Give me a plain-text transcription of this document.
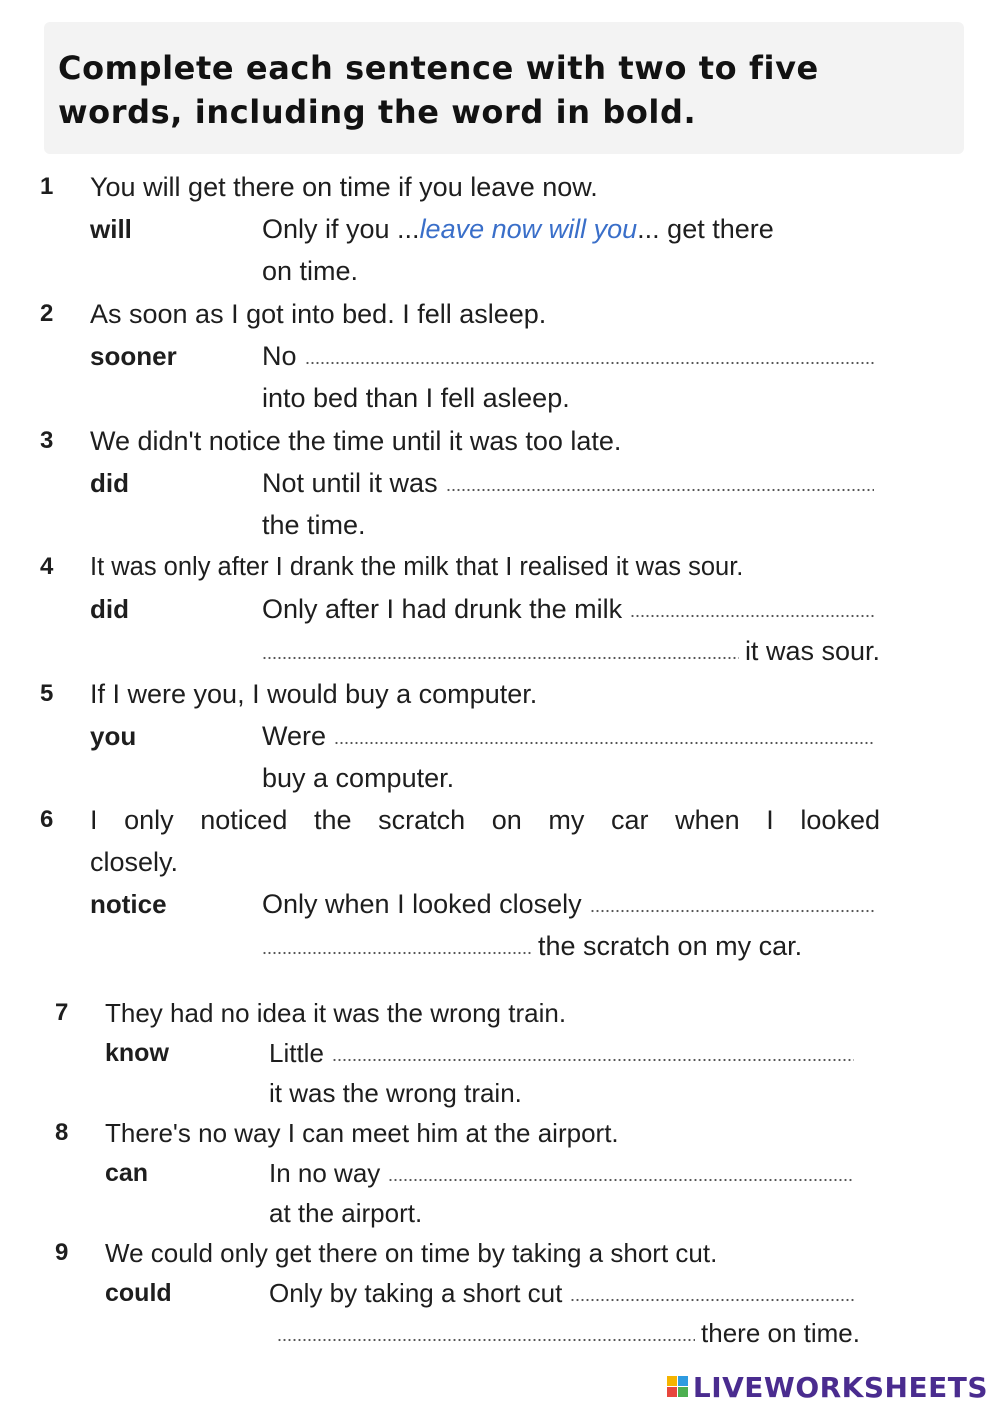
Complete each sentence with two to five words, including the word in bold.

1 You will get there on time if you leave now.
will	Only if you ... leave now will you ... get there
on time.
2 As soon as I got into bed. I fell asleep.
sooner	No
into bed than I fell asleep.
3 We didn't notice the time until it was too late.
did	Not until it was
the time.
4 It was only after I drank the milk that I realised it was sour.
did	Only after I had drunk the milk
it was sour.
5 If I were you, I would buy a computer.
you	Were
buy a computer.
6 I only noticed the scratch on my car when I looked
closely.
notice	Only when I looked closely
the scratch on my car.
7 They had no idea it was the wrong train.
know	Little
it was the wrong train.
8 There's no way I can meet him at the airport.
can	In no way
at the airport.
9 We could only get there on time by taking a short cut.
could	Only by taking a short cut
there on time.
LIVEWORKSHEETS
